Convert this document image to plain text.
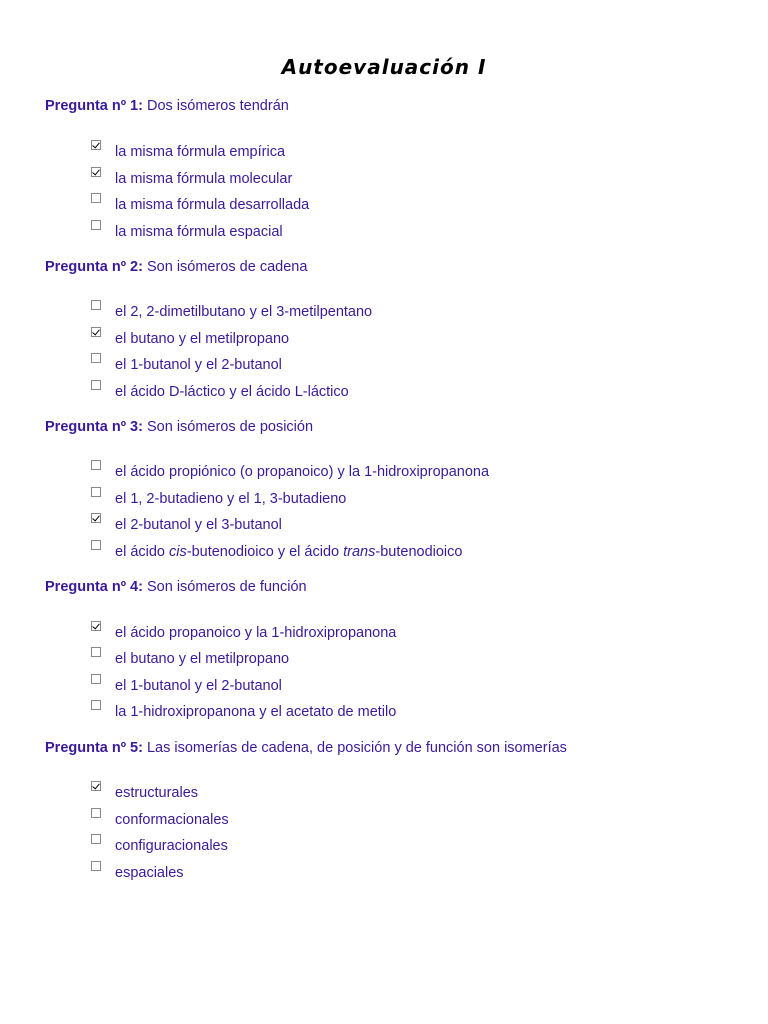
Autoevaluación I
Pregunta nº 1: Dos isómeros tendrán
la misma fórmula empírica
la misma fórmula molecular
la misma fórmula desarrollada
la misma fórmula espacial
Pregunta nº 2: Son isómeros de cadena
el 2, 2-dimetilbutano y el 3-metilpentano
el butano y el metilpropano
el 1-butanol y el 2-butanol
el ácido D-láctico y el ácido L-láctico
Pregunta nº 3: Son isómeros de posición
el ácido propiónico (o propanoico) y la 1-hidroxipropanona
el 1, 2-butadieno y el 1, 3-butadieno
el 2-butanol y el 3-butanol
el ácido cis-butenodioico y el ácido trans-butenodioico
Pregunta nº 4: Son isómeros de función
el ácido propanoico y la 1-hidroxipropanona
el butano y el metilpropano
el 1-butanol y el 2-butanol
la 1-hidroxipropanona y el acetato de metilo
Pregunta nº 5: Las isomerías de cadena, de posición y de función son isomerías
estructurales
conformacionales
configuracionales
espaciales
